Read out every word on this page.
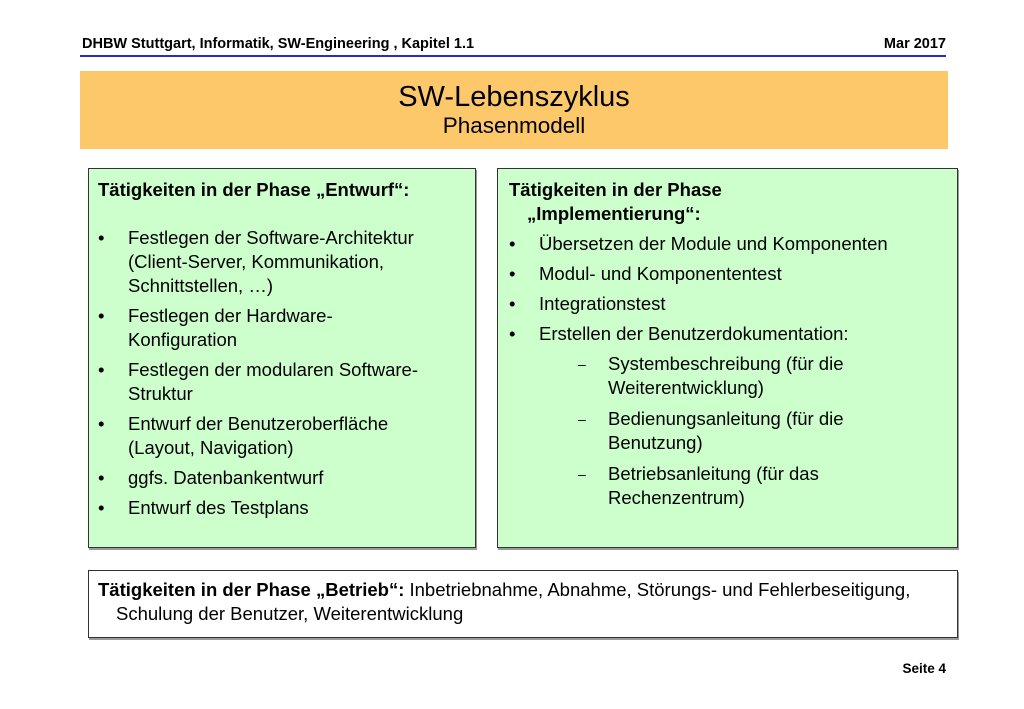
DHBW Stuttgart, Informatik, SW-Engineering , Kapitel 1.1	Mar 2017
SW-Lebenszyklus
Phasenmodell
Tätigkeiten in der Phase „Entwurf“:
• Festlegen der Software-Architektur
(Client-Server, Kommunikation,
Schnittstellen, …)
• Festlegen der Hardware-
Konfiguration
• Festlegen der modularen Software-
Struktur
• Entwurf der Benutzeroberfläche
(Layout, Navigation)
• ggfs. Datenbankentwurf
• Entwurf des Testplans
Tätigkeiten in der Phase
„Implementierung“:
• Übersetzen der Module und Komponenten
• Modul- und Komponententest
• Integrationstest
• Erstellen der Benutzerdokumentation:
– Systembeschreibung (für die
Weiterentwicklung)
– Bedienungsanleitung (für die
Benutzung)
– Betriebsanleitung (für das
Rechenzentrum)
Tätigkeiten in der Phase „Betrieb“: Inbetriebnahme, Abnahme, Störungs- und Fehlerbeseitigung, Schulung der Benutzer, Weiterentwicklung
Seite 4
